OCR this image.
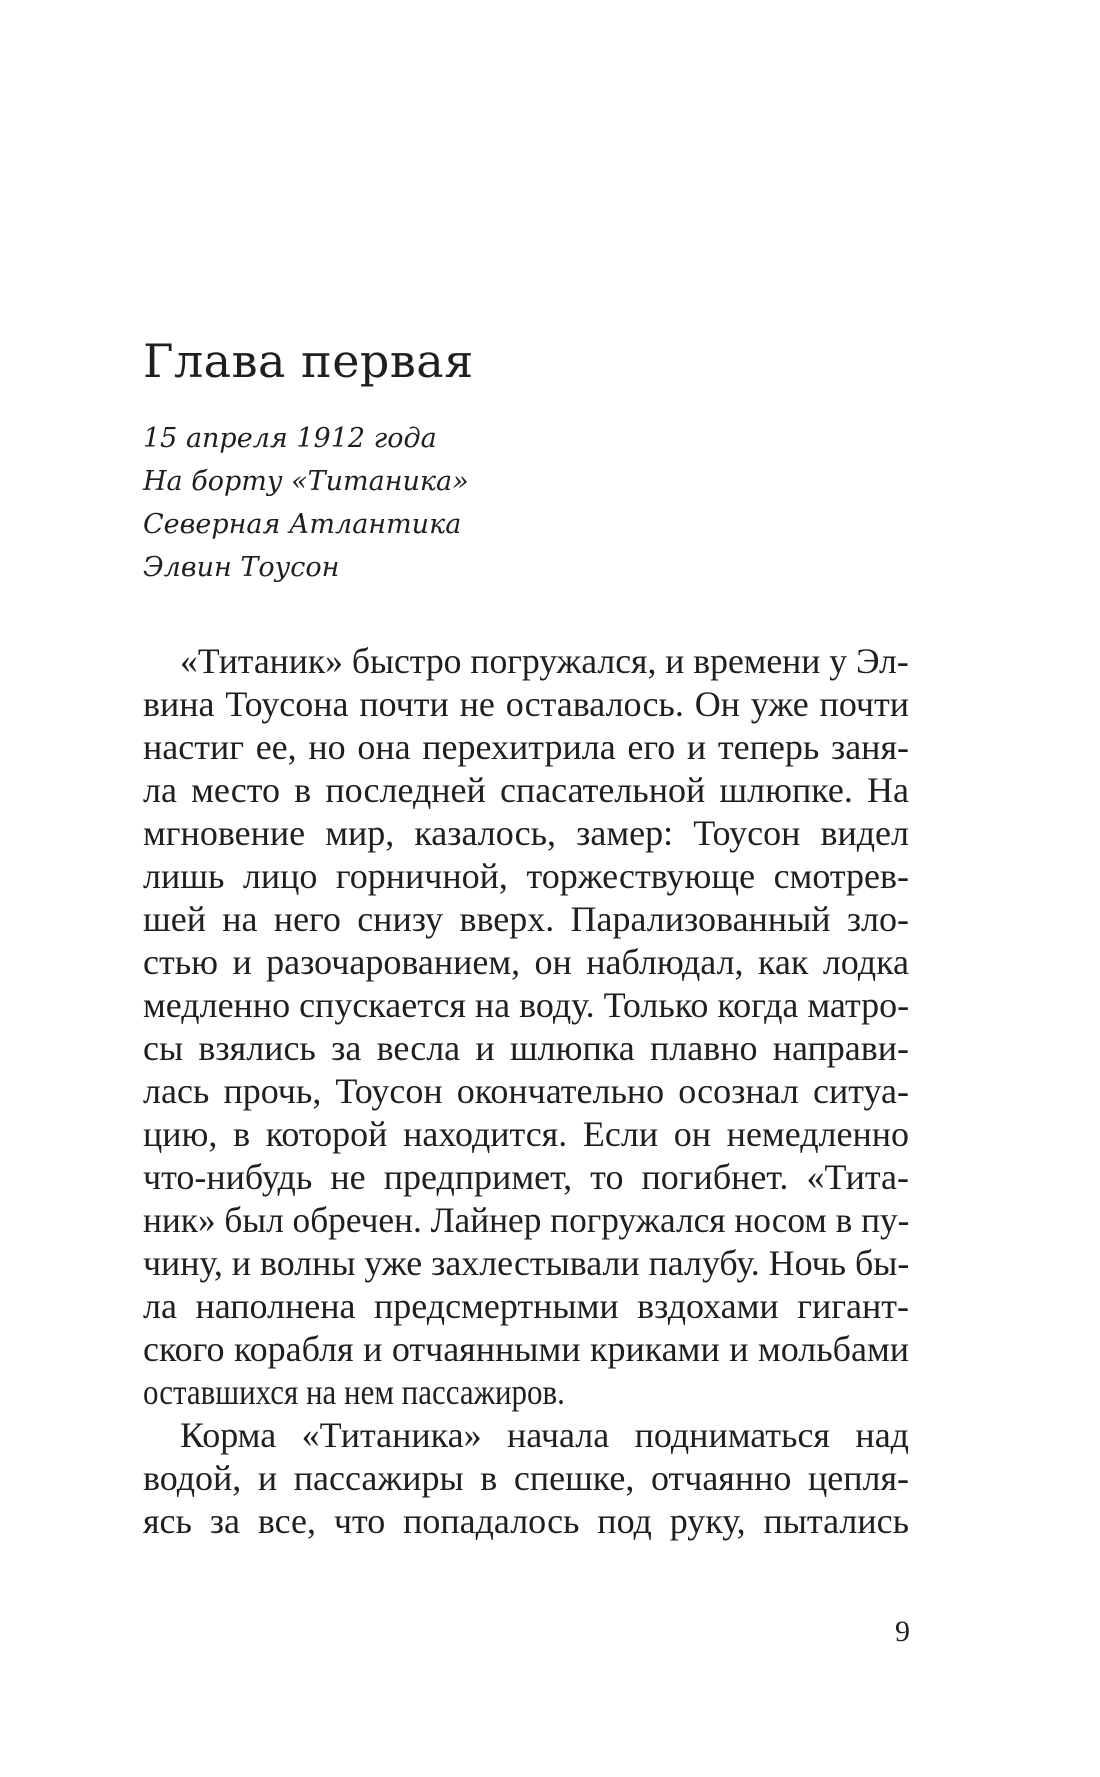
Глава первая
15 апреля 1912 года
На борту «Титаника»
Северная Атлантика
Элвин Тоусон
«Титаник» быстро погружался, и времени у Эл-
вина Тоусона почти не оставалось. Он уже почти
настиг ее, но она перехитрила его и теперь заня-
ла место в последней спасательной шлюпке. На
мгновение мир, казалось, замер: Тоусон видел
лишь лицо горничной, торжествующе смотрев-
шей на него снизу вверх. Парализованный зло-
стью и разочарованием, он наблюдал, как лодка
медленно спускается на воду. Только когда матро-
сы взялись за весла и шлюпка плавно направи-
лась прочь, Тоусон окончательно осознал ситуа-
цию, в которой находится. Если он немедленно
что-нибудь не предпримет, то погибнет. «Тита-
ник» был обречен. Лайнер погружался носом в пу-
чину, и волны уже захлестывали палубу. Ночь бы-
ла наполнена предсмертными вздохами гигант-
ского корабля и отчаянными криками и мольбами
оставшихся на нем пассажиров.
Корма «Титаника» начала подниматься над
водой, и пассажиры в спешке, отчаянно цепля-
ясь за все, что попадалось под руку, пытались
9
